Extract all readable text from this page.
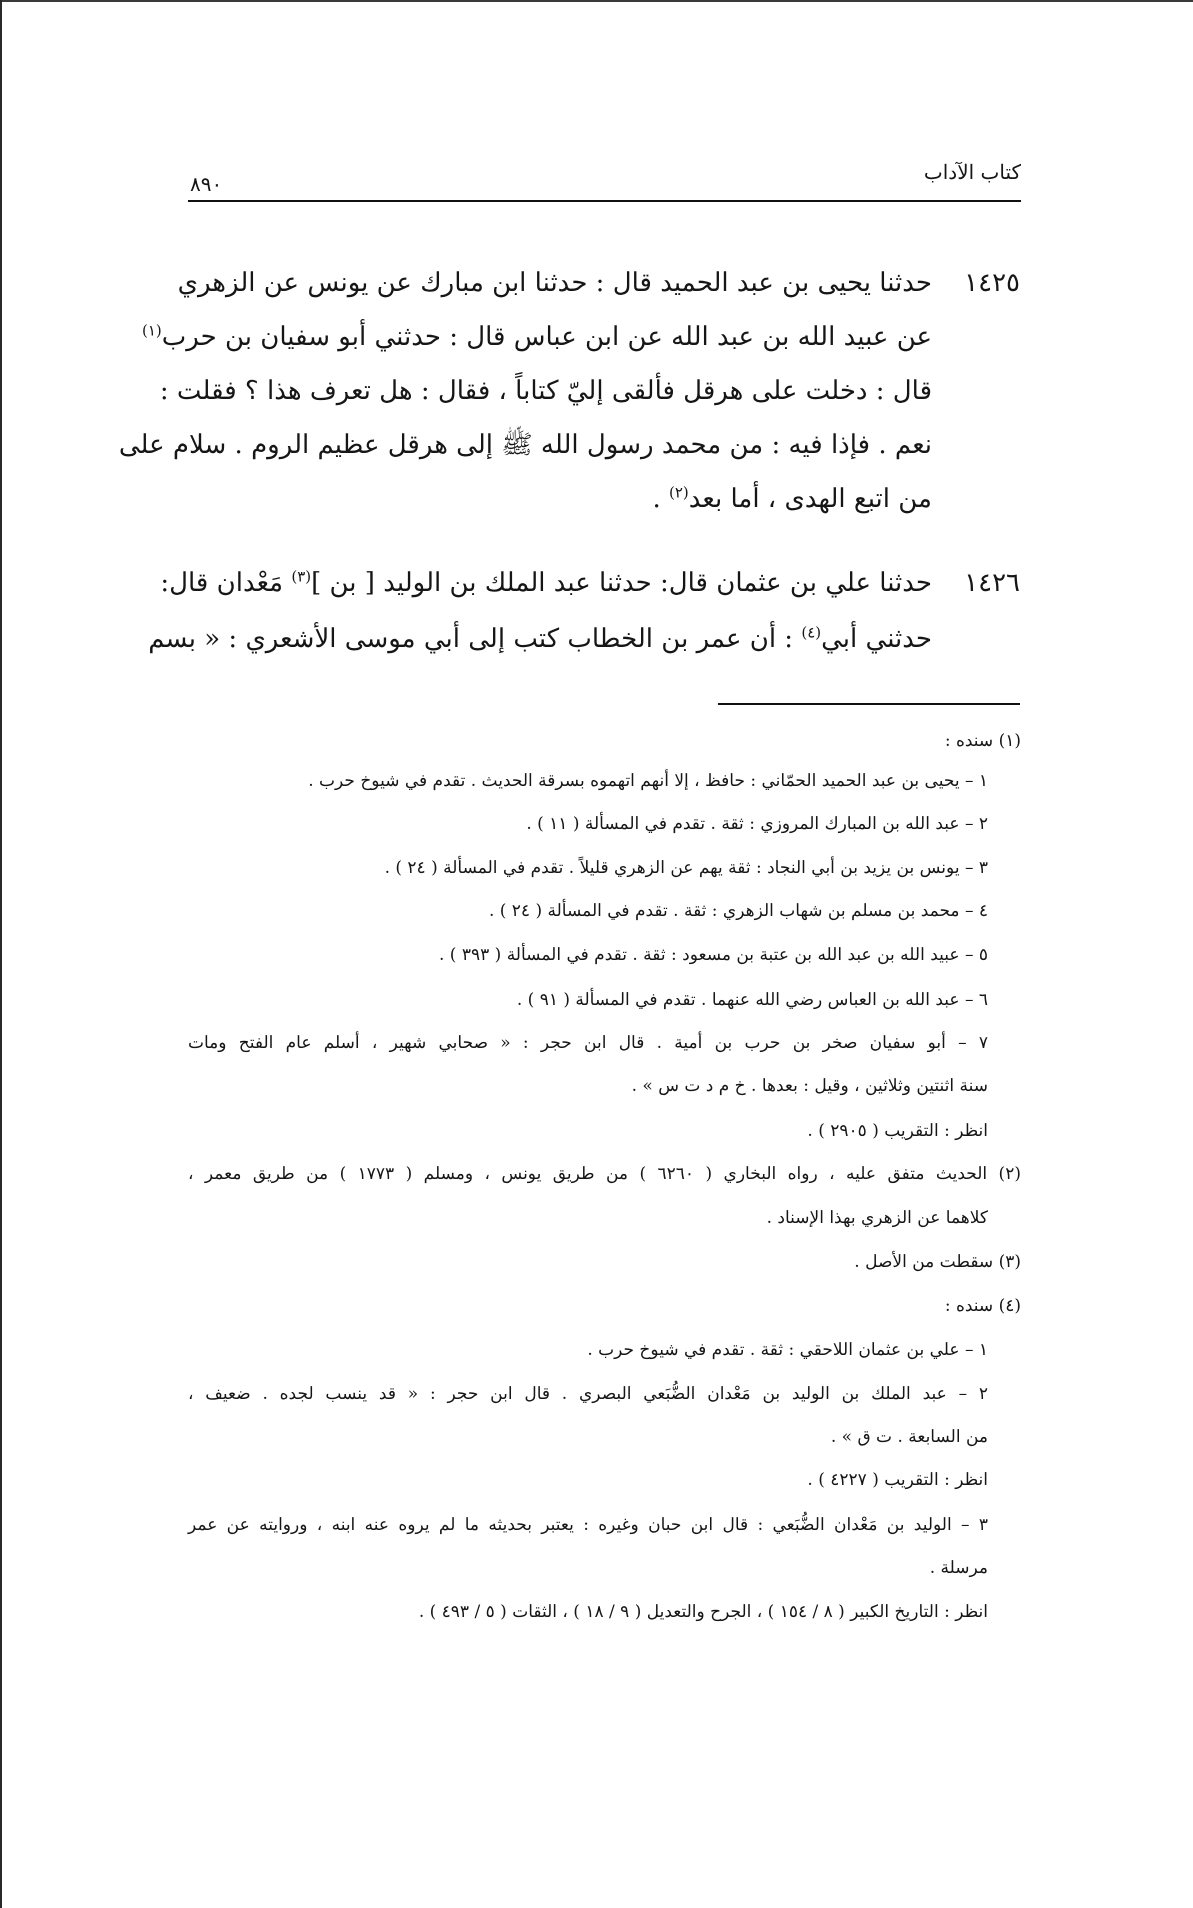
كتاب الآداب
٨٩٠
١٤٢٥
حدثنا يحيى بن عبد الحميد قال : حدثنا ابن مبارك عن يونس عن الزهري
عن عبيد الله بن عبد الله عن ابن عباس قال : حدثني أبو سفيان بن حرب$^{(١)}$
قال : دخلت على هرقل فألقى إليّ كتاباً ، فقال : هل تعرف هذا ؟ فقلت :
نعم . فإذا فيه : من محمد رسول الله ﷺ إلى هرقل عظيم الروم . سلام على
من اتبع الهدى ، أما بعد$^{(٢)}$ .
١٤٢٦
حدثنا علي بن عثمان قال: حدثنا عبد الملك بن الوليد [ بن ]$^{(٣)}$ مَعْدان قال:
حدثني أبي$^{(٤)}$ : أن عمر بن الخطاب كتب إلى أبي موسى الأشعري : « بسم
(١) سنده :
١ – يحيى بن عبد الحميد الحمّاني : حافظ ، إلا أنهم اتهموه بسرقة الحديث . تقدم في شيوخ حرب .
٢ – عبد الله بن المبارك المروزي : ثقة . تقدم في المسألة ( ١١ ) .
٣ – يونس بن يزيد بن أبي النجاد : ثقة يهم عن الزهري قليلاً . تقدم في المسألة ( ٢٤ ) .
٤ – محمد بن مسلم بن شهاب الزهري : ثقة . تقدم في المسألة ( ٢٤ ) .
٥ – عبيد الله بن عبد الله بن عتبة بن مسعود : ثقة . تقدم في المسألة ( ٣٩٣ ) .
٦ – عبد الله بن العباس رضي الله عنهما . تقدم في المسألة ( ٩١ ) .
٧ – أبو سفيان صخر بن حرب بن أمية . قال ابن حجر : « صحابي شهير ، أسلم عام الفتح ومات
سنة اثنتين وثلاثين ، وقيل : بعدها . خ م د ت س » .
انظر : التقريب ( ٢٩٠٥ ) .
(٢) الحديث متفق عليه ، رواه البخاري ( ٦٢٦٠ ) من طريق يونس ، ومسلم ( ١٧٧٣ ) من طريق معمر ،
كلاهما عن الزهري بهذا الإسناد .
(٣) سقطت من الأصل .
(٤) سنده :
١ – علي بن عثمان اللاحقي : ثقة . تقدم في شيوخ حرب .
٢ – عبد الملك بن الوليد بن مَعْدان الضُّبَعي البصري . قال ابن حجر : « قد ينسب لجده . ضعيف ،
من السابعة . ت ق » .
انظر : التقريب ( ٤٢٢٧ ) .
٣ – الوليد بن مَعْدان الضُّبَعي : قال ابن حبان وغيره : يعتبر بحديثه ما لم يروه عنه ابنه ، وروايته عن عمر
مرسلة .
انظر : التاريخ الكبير ( ٨ / ١٥٤ ) ، الجرح والتعديل ( ٩ / ١٨ ) ، الثقات ( ٥ / ٤٩٣ ) .
